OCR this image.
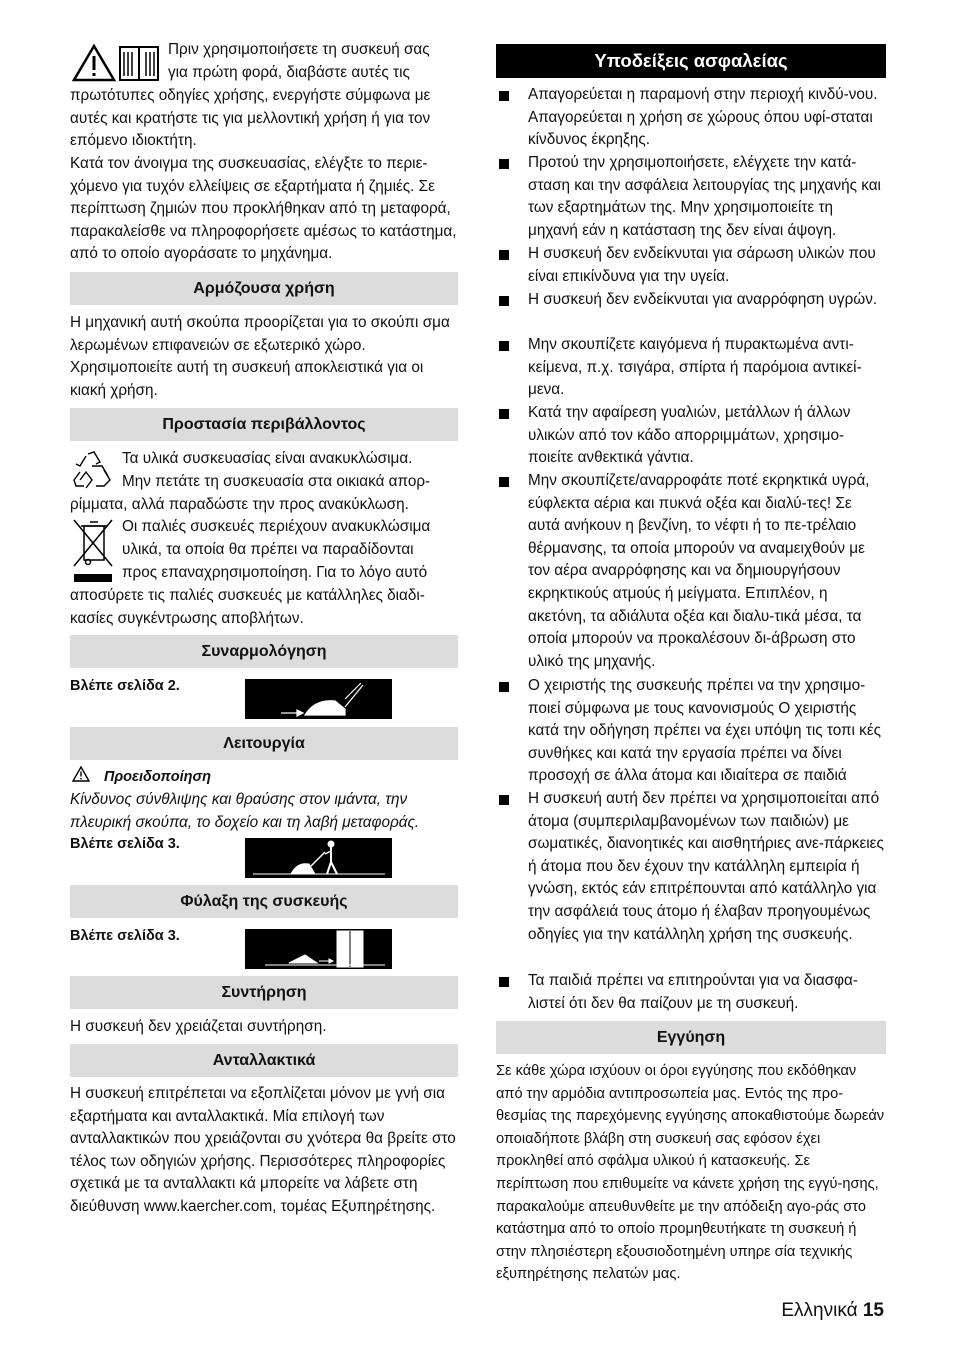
Πριν χρησιμοποιήσετε τη συσκευή σας
για πρώτη φορά, διαβάστε αυτές τις
πρωτότυπες οδηγίες χρήσης, ενεργήστε σύμφωνα με αυτές και κρατήστε τις για μελλοντική χρήση ή για τον επόμενο ιδιοκτήτη.
Κατά τον άνοιγμα της συσκευασίας, ελέγξτε το περιε-χόμενο για τυχόν ελλείψεις σε εξαρτήματα ή ζημιές. Σε περίπτωση ζημιών που προκλήθηκαν από τη μεταφορά, παρακαλείσθε να πληροφορήσετε αμέσως το κατάστημα, από το οποίο αγοράσατε το μηχάνημα.
Αρμόζουσα χρήση
Η μηχανική αυτή σκούπα προορίζεται για το σκούπι σμα λερωμένων επιφανειών σε εξωτερικό χώρο. Χρησιμοποιείτε αυτή τη συσκευή αποκλειστικά για οι κιακή χρήση.
Προστασία περιβάλλοντος
Τα υλικά συσκευασίας είναι ανακυκλώσιμα.
Μην πετάτε τη συσκευασία στα οικιακά απορ-
ρίμματα, αλλά παραδώστε την προς ανακύκλωση.
Οι παλιές συσκευές περιέχουν ανακυκλώσιμα
υλικά, τα οποία θα πρέπει να παραδίδονται
προς επαναχρησιμοποίηση. Για το λόγο αυτό
αποσύρετε τις παλιές συσκευές με κατάλληλες διαδι-
κασίες συγκέντρωσης αποβλήτων.
Συναρμολόγηση
Βλέπε σελίδα 2.
Λειτουργία
Προειδοποίηση
Κίνδυνος σύνθλιψης και θραύσης στον ιμάντα, την πλευρική σκούπα, το δοχείο και τη λαβή μεταφοράς.
Βλέπε σελίδα 3.
Φύλαξη της συσκευής
Βλέπε σελίδα 3.
Συντήρηση
Η συσκευή δεν χρειάζεται συντήρηση.
Ανταλλακτικά
Η συσκευή επιτρέπεται να εξοπλίζεται μόνον με γνή σια εξαρτήματα και ανταλλακτικά. Μία επιλογή των ανταλλακτικών που χρειάζονται συ χνότερα θα βρείτε στο τέλος των οδηγιών χρήσης. Περισσότερες πληροφορίες σχετικά με τα ανταλλακτι κά μπορείτε να λάβετε στη διεύθυνση www.kaercher.com, τομέας Εξυπηρέτησης.
Υποδείξεις ασφαλείας
Απαγορεύεται η παραμονή στην περιοχή κινδύ-νου. Απαγορεύεται η χρήση σε χώρους όπου υφί-σταται κίνδυνος έκρηξης.
Προτού την χρησιμοποιήσετε, ελέγχετε την κατά-σταση και την ασφάλεια λειτουργίας της μηχανής και των εξαρτημάτων της. Μην χρησιμοποιείτε τη μηχανή εάν η κατάσταση της δεν είναι άψογη.
Η συσκευή δεν ενδείκνυται για σάρωση υλικών που είναι επικίνδυνα για την υγεία.
Η συσκευή δεν ενδείκνυται για αναρρόφηση υγρών.
Μην σκουπίζετε καιγόμενα ή πυρακτωμένα αντι-κείμενα, π.χ. τσιγάρα, σπίρτα ή παρόμοια αντικεί-μενα.
Κατά την αφαίρεση γυαλιών, μετάλλων ή άλλων υλικών από τον κάδο απορριμμάτων, χρησιμο-ποιείτε ανθεκτικά γάντια.
Μην σκουπίζετε/αναρροφάτε ποτέ εκρηκτικά υγρά, εύφλεκτα αέρια και πυκνά οξέα και διαλύ-τες! Σε αυτά ανήκουν η βενζίνη, το νέφτι ή το πε-τρέλαιο θέρμανσης, τα οποία μπορούν να αναμειχθούν με τον αέρα αναρρόφησης και να δημιουργήσουν εκρηκτικούς ατμούς ή μείγματα. Επιπλέον, η ακετόνη, τα αδιάλυτα οξέα και διαλυ-τικά μέσα, τα οποία μπορούν να προκαλέσουν δι-άβρωση στο υλικό της μηχανής.
Ο χειριστής της συσκευής πρέπει να την χρησιμο-ποιεί σύμφωνα με τους κανονισμούς Ο χειριστής κατά την οδήγηση πρέπει να έχει υπόψη τις τοπι κές συνθήκες και κατά την εργασία πρέπει να δίνει προσοχή σε άλλα άτομα και ιδιαίτερα σε παιδιά
Η συσκευή αυτή δεν πρέπει να χρησιμοποιείται από άτομα (συμπεριλαμβανομένων των παιδιών) με σωματικές, διανοητικές και αισθητήριες ανε-πάρκειες ή άτομα που δεν έχουν την κατάλληλη εμπειρία ή γνώση, εκτός εάν επιτρέπουνται από κατάλληλο για την ασφάλειά τους άτομο ή έλαβαν προηγουμένως οδηγίες για την κατάλληλη χρήση της συσκευής.
Τα παιδιά πρέπει να επιτηρούνται για να διασφα-λιστεί ότι δεν θα παίζουν με τη συσκευή.
Εγγύηση
Σε κάθε χώρα ισχύουν οι όροι εγγύησης που εκδόθηκαν από την αρμόδια αντιπροσωπεία μας. Εντός της προ-θεσμίας της παρεχόμενης εγγύησης αποκαθιστούμε δωρεάν οποιαδήποτε βλάβη στη συσκευή σας εφόσον έχει προκληθεί από σφάλμα υλικού ή κατασκευής. Σε περίπτωση που επιθυμείτε να κάνετε χρήση της εγγύ-ησης, παρακαλούμε απευθυνθείτε με την απόδειξη αγο-ράς στο κατάστημα από το οποίο προμηθευτήκατε τη συσκευή ή στην πλησιέστερη εξουσιοδοτημένη υπηρε σία τεχνικής εξυπηρέτησης πελατών μας.
Ελληνικά 15
